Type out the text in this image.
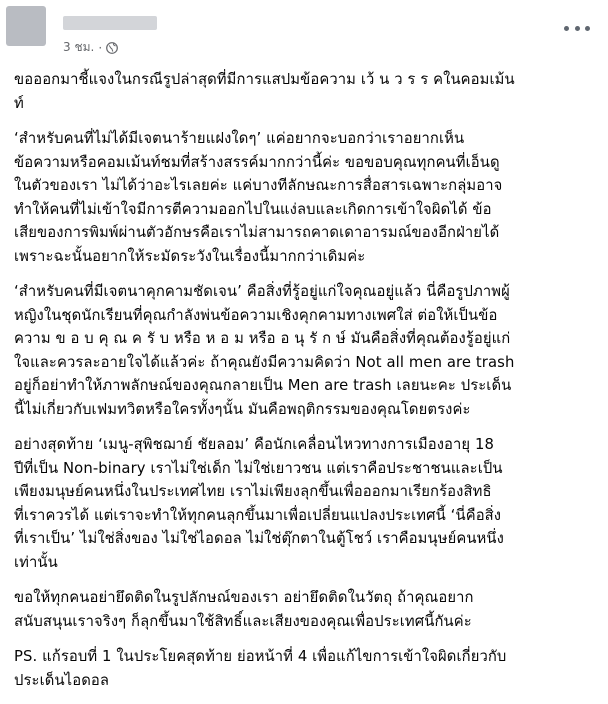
3 ชม. ·

ขอออกมาชี้แจงในกรณีรูปล่าสุดที่มีการแสปมข้อความ เว้ น ว ร ร คในคอมเม้น
ท์

‘สำหรับคนที่ไม่ได้มีเจตนาร้ายแฝงใดๆ’ แค่อยากจะบอกว่าเราอยากเห็น
ข้อความหรือคอมเม้นท์ชมที่สร้างสรรค์มากกว่านี้ค่ะ ขอขอบคุณทุกคนที่เอ็นดู
ในตัวของเรา ไม่ได้ว่าอะไรเลยค่ะ แค่บางทีลักษณะการสื่อสารเฉพาะกลุ่มอาจ
ทำให้คนที่ไม่เข้าใจมีการตีความออกไปในแง่ลบและเกิดการเข้าใจผิดได้ ข้อ
เสียของการพิมพ์ผ่านตัวอักษรคือเราไม่สามารถคาดเดาอารมณ์ของอีกฝ่ายได้
เพราะฉะนั้นอยากให้ระมัดระวังในเรื่องนี้มากกว่าเดิมค่ะ

‘สำหรับคนที่มีเจตนาคุกคามชัดเจน’ คือสิ่งที่รู้อยู่แก่ใจคุณอยู่แล้ว นี่คือรูปภาพผู้
หญิงในชุดนักเรียนที่คุณกำลังพ่นข้อความเชิงคุกคามทางเพศใส่ ต่อให้เป็นข้อ
ความ ข อ บ คุ ณ ค รั บ หรือ ห อ ม หรือ อ นุ รั ก ษ์ มันคือสิ่งที่คุณต้องรู้อยู่แก่
ใจและควรละอายใจได้แล้วค่ะ ถ้าคุณยังมีความคิดว่า Not all men are trash
อยู่ก็อย่าทำให้ภาพลักษณ์ของคุณกลายเป็น Men are trash เลยนะคะ ประเด็น
นี้ไม่เกี่ยวกับเฟมทวิตหรือใครทั้งๆนั้น มันคือพฤติกรรมของคุณโดยตรงค่ะ

อย่างสุดท้าย ‘เมนู-สุพิชฌาย์ ชัยลอม’ คือนักเคลื่อนไหวทางการเมืองอายุ 18
ปีที่เป็น Non-binary เราไม่ใช่เด็ก ไม่ใช่เยาวชน แต่เราคือประชาชนและเป็น
เพียงมนุษย์คนหนึ่งในประเทศไทย เราไม่เพียงลุกขึ้นเพื่อออกมาเรียกร้องสิทธิ
ที่เราควรได้ แต่เราจะทำให้ทุกคนลุกขึ้นมาเพื่อเปลี่ยนแปลงประเทศนี้ ‘นี่คือสิ่ง
ที่เราเป็น’ ไม่ใช่สิ่งของ ไม่ใช่ไอดอล ไม่ใช่ตุ๊กตาในตู้โชว์ เราคือมนุษย์คนหนึ่ง
เท่านั้น

ขอให้ทุกคนอย่ายึดติดในรูปลักษณ์ของเรา อย่ายึดติดในวัตถุ ถ้าคุณอยาก
สนับสนุนเราจริงๆ ก็ลุกขึ้นมาใช้สิทธิ์และเสียงของคุณเพื่อประเทศนี้กันค่ะ

PS. แก้รอบที่ 1 ในประโยคสุดท้าย ย่อหน้าที่ 4 เพื่อแก้ไขการเข้าใจผิดเกี่ยวกับ
ประเด็นไอดอล
